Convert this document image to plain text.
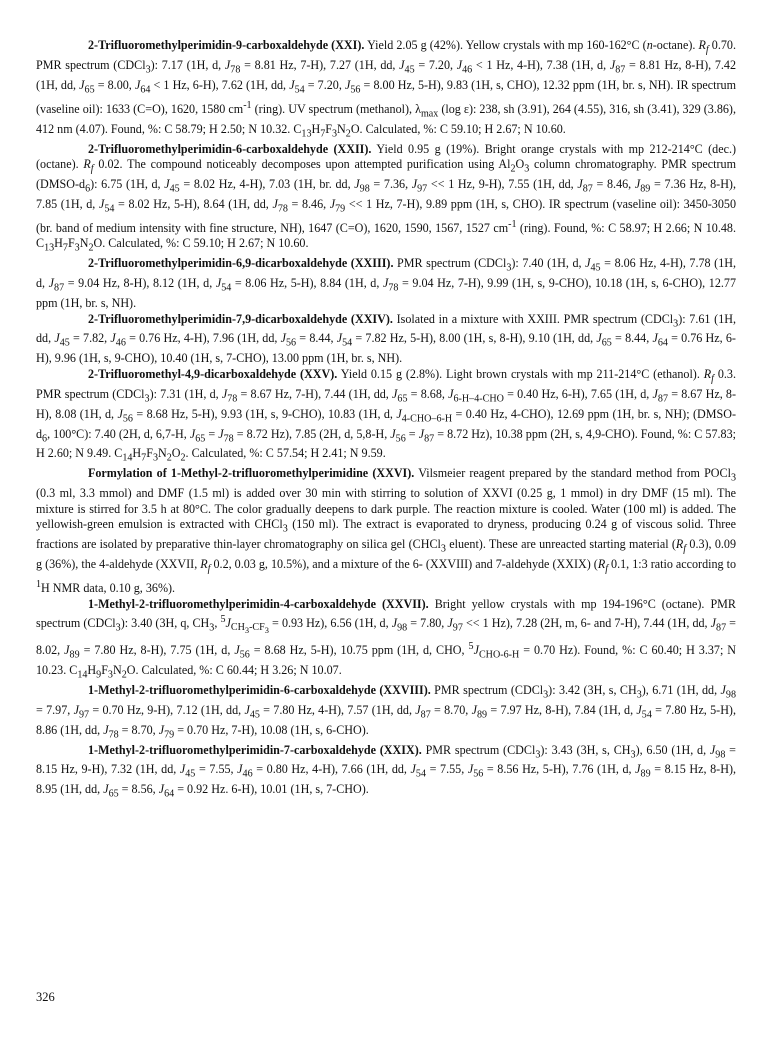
2-Trifluoromethylperimidin-9-carboxaldehyde (XXI). Yield 2.05 g (42%). Yellow crystals with mp 160-162°C (n-octane). $R_f$ 0.70. PMR spectrum (CDCl$_3$): 7.17 (1H, d, $J_{78} = 8.81$ Hz, 7-H), 7.27 (1H, dd, $J_{45} = 7.20$, $J_{46} < 1$ Hz, 4-H), 7.38 (1H, d, $J_{87} = 8.81$ Hz, 8-H), 7.42 (1H, dd, $J_{65} = 8.00$, $J_{64} < 1$ Hz, 6-H), 7.62 (1H, dd, $J_{54} = 7.20$, $J_{56} = 8.00$ Hz, 5-H), 9.83 (1H, s, CHO), 12.32 ppm (1H, br. s, NH). IR spectrum (vaseline oil): 1633 (C=O), 1620, 1580 $cm^{-1}$ (ring). UV spectrum (methanol), $\lambda_{max}$ (log ε): 238, sh (3.91), 264 (4.55), 316, sh (3.41), 329 (3.86), 412 nm (4.07). Found, %: C 58.79; H 2.50; N 10.32. $C_{13}H_7F_3N_2O$. Calculated, %: C 59.10; H 2.67; N 10.60.

2-Trifluoromethylperimidin-6-carboxaldehyde (XXII). Yield 0.95 g (19%). Bright orange crystals with mp 212-214°C (dec.) (octane). $R_f$ 0.02. The compound noticeably decomposes upon attempted purification using $Al_2O_3$ column chromatography. PMR spectrum $(DMSO-d_6)$: 6.75 (1H, d, $J_{45} = 8.02$ Hz, 4-H), 7.03 (1H, br. dd, $J_{98} = 7.36$, $J_{97} << 1$ Hz, 9-H), 7.55 (1H, dd, $J_{87} = 8.46$, $J_{89} = 7.36$ Hz, 8-H), 7.85 (1H, d, $J_{54} = 8.02$ Hz, 5-H), 8.64 (1H, dd, $J_{78} = 8.46$, $J_{79} << 1$ Hz, 7-H), 9.89 ppm (1H, s, CHO). IR spectrum (vaseline oil): 3450-3050 (br. band of medium intensity with fine structure, NH), 1647 (C=O), 1620, 1590, 1567, 1527 $cm^{-1}$ (ring). Found, %: C 58.97; H 2.66; N 10.48. $C_{13}H_7F_3N_2O$. Calculated, %: C 59.10; H 2.67; N 10.60.

2-Trifluoromethylperimidin-6,9-dicarboxaldehyde (XXIII). PMR spectrum (CDCl$_3$): 7.40 (1H, d, $J_{45} = 8.06$ Hz, 4-H), 7.78 (1H, d, $J_{87} = 9.04$ Hz, 8-H), 8.12 (1H, d, $J_{54} = 8.06$ Hz, 5-H), 8.84 (1H, d, $J_{78} = 9.04$ Hz, 7-H), 9.99 (1H, s, 9-CHO), 10.18 (1H, s, 6-CHO), 12.77 ppm (1H, br. s, NH).

2-Trifluoromethylperimidin-7,9-dicarboxaldehyde (XXIV). Isolated in a mixture with XXIII. PMR spectrum (CDCl$_3$): 7.61 (1H, dd, $J_{45} = 7.82$, $J_{46} = 0.76$ Hz, 4-H), 7.96 (1H, dd, $J_{56} = 8.44$, $J_{54} = 7.82$ Hz, 5-H), 8.00 (1H, s, 8-H), 9.10 (1H, dd, $J_{65} = 8.44$, $J_{64} = 0.76$ Hz, 6-H), 9.96 (1H, s, 9-CHO), 10.40 (1H, s, 7-CHO), 13.00 ppm (1H, br. s, NH).

2-Trifluoromethyl-4,9-dicarboxaldehyde (XXV). Yield 0.15 g (2.8%). Light brown crystals with mp 211-214°C (ethanol). $R_f$ 0.3. PMR spectrum (CDCl$_3$): 7.31 (1H, d, $J_{78} = 8.67$ Hz, 7-H), 7.44 (1H, dd, $J_{65} = 8.68$, $J_{6-H-4-CHO} = 0.40$ Hz, 6-H), 7.65 (1H, d, $J_{87} = 8.67$ Hz, 8-H), 8.08 (1H, d, $J_{56} = 8.68$ Hz, 5-H), 9.93 (1H, s, 9-CHO), 10.83 (1H, d, $J_{4-CHO-6-H} = 0.40$ Hz, 4-CHO), 12.69 ppm (1H, br. s, NH); ($DMSO-d_6$, 100°C): 7.40 (2H, d, 6,7-H, $J_{65} = J_{78} = 8.72$ Hz), 7.85 (2H, d, 5,8-H, $J_{56} = J_{87} = 8.72$ Hz), 10.38 ppm (2H, s, 4,9-CHO). Found, %: C 57.83; H 2.60; N 9.49. $C_{14}H_7F_3N_2O_2$. Calculated, %: C 57.54; H 2.41; N 9.59.

Formylation of 1-Methyl-2-trifluoromethylperimidine (XXVI). Vilsmeier reagent prepared by the standard method from POCl$_3$ (0.3 ml, 3.3 mmol) and DMF (1.5 ml) is added over 30 min with stirring to solution of XXVI (0.25 g, 1 mmol) in dry DMF (15 ml). The mixture is stirred for 3.5 h at 80°C. The color gradually deepens to dark purple. The reaction mixture is cooled. Water (100 ml) is added. The yellowish-green emulsion is extracted with CHCl$_3$ (150 ml). The extract is evaporated to dryness, producing 0.24 g of viscous solid. Three fractions are isolated by preparative thin-layer chromatography on silica gel (CHCl$_3$ eluent). These are unreacted starting material ($R_f$ 0.3), 0.09 g (36%), the 4-aldehyde (XXVII, $R_f$ 0.2, 0.03 g, 10.5%), and a mixture of the 6- (XXVIII) and 7-aldehyde (XXIX) ($R_f$ 0.1, 1:3 ratio according to $^1$H NMR data, 0.10 g, 36%).

1-Methyl-2-trifluoromethylperimidin-4-carboxaldehyde (XXVII). Bright yellow crystals with mp 194-196°C (octane). PMR spectrum (CDCl$_3$): 3.40 (3H, q, $CH_3$, $^5J_{CH_3-CF_3} = 0.93$ Hz), 6.56 (1H, d, $J_{98} = 7.80$, $J_{97} << 1$ Hz), 7.28 (2H, m, 6- and 7-H), 7.44 (1H, dd, $J_{87} = 8.02$, $J_{89} = 7.80$ Hz, 8-H), 7.75 (1H, d, $J_{56} = 8.68$ Hz, 5-H), 10.75 ppm (1H, d, CHO, $^5J_{CHO-6-H} = 0.70$ Hz). Found, %: C 60.40; H 3.37; N 10.23. $C_{14}H_9F_3N_2O$. Calculated, %: C 60.44; H 3.26; N 10.07.

1-Methyl-2-trifluoromethylperimidin-6-carboxaldehyde (XXVIII). PMR spectrum (CDCl$_3$): 3.42 (3H, s, $CH_3$), 6.71 (1H, dd, $J_{98} = 7.97$, $J_{97} = 0.70$ Hz, 9-H), 7.12 (1H, dd, $J_{45} = 7.80$ Hz, 4-H), 7.57 (1H, dd, $J_{87} = 8.70$, $J_{89} = 7.97$ Hz, 8-H), 7.84 (1H, d, $J_{54} = 7.80$ Hz, 5-H), 8.86 (1H, dd, $J_{78} = 8.70$, $J_{79} = 0.70$ Hz, 7-H), 10.08 (1H, s, 6-CHO).

1-Methyl-2-trifluoromethylperimidin-7-carboxaldehyde (XXIX). PMR spectrum (CDCl$_3$): 3.43 (3H, s, $CH_3$), 6.50 (1H, d, $J_{98} = 8.15$ Hz, 9-H), 7.32 (1H, dd, $J_{45} = 7.55$, $J_{46} = 0.80$ Hz, 4-H), 7.66 (1H, dd, $J_{54} = 7.55$, $J_{56} = 8.56$ Hz, 5-H), 7.76 (1H, d, $J_{89} = 8.15$ Hz, 8-H), 8.95 (1H, dd, $J_{65} = 8.56$, $J_{64} = 0.92$ Hz. 6-H), 10.01 (1H, s, 7-CHO).

326
